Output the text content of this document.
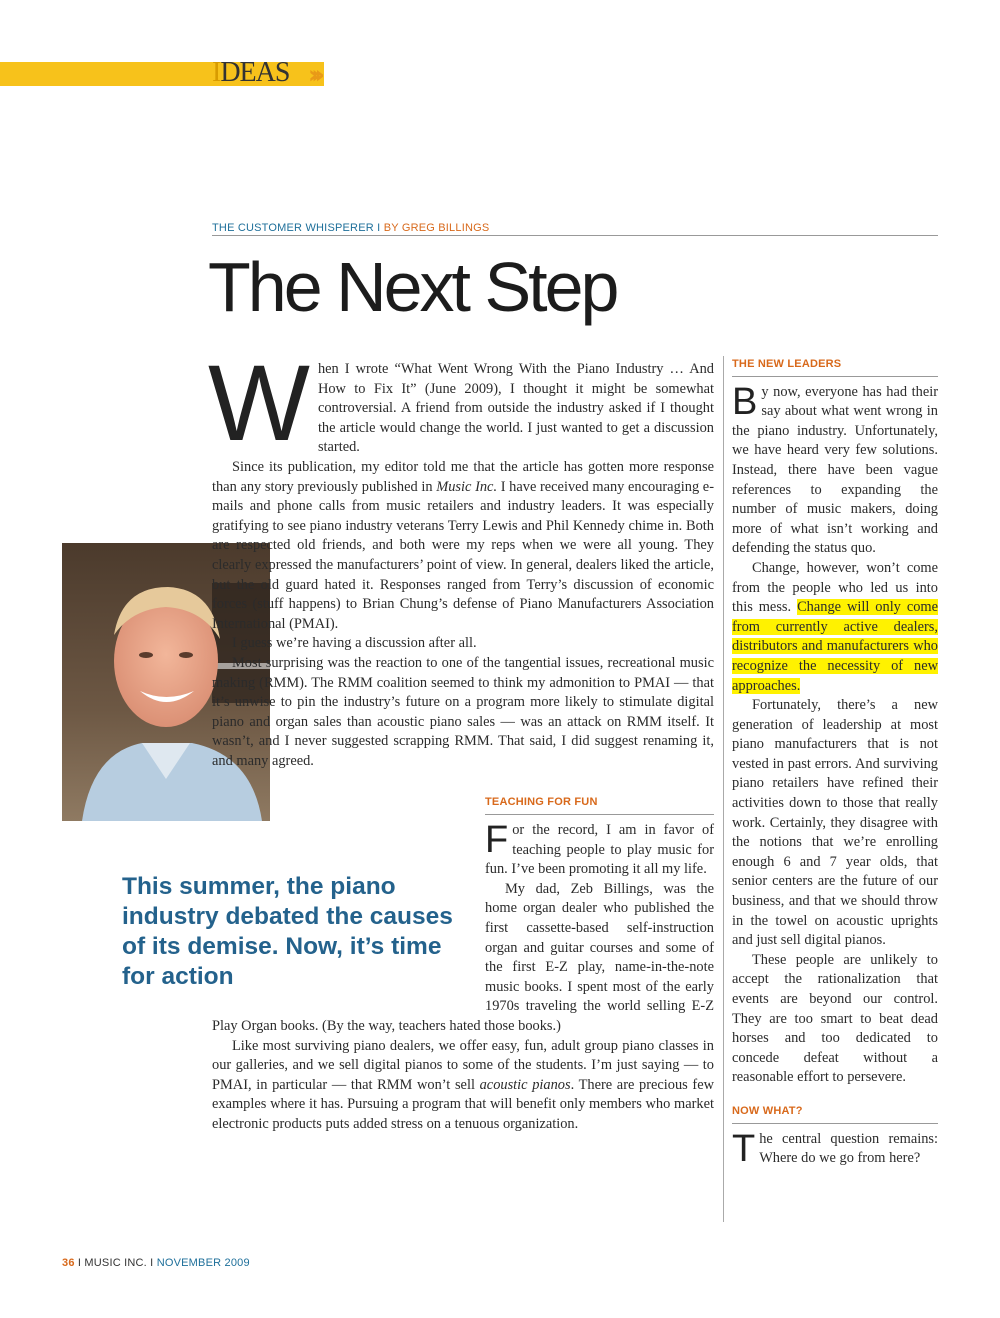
IDEAS ›››
THE CUSTOMER WHISPERER I BY GREG BILLINGS
The Next Step
This summer, the piano industry debated the causes of its demise. Now, it’s time for action

When I wrote “What Went Wrong With the Piano Industry … And How to Fix It” (June 2009), I thought it might be somewhat controversial. A friend from outside the industry asked if I thought the article would change the world. I just wanted to get a discussion started.

Since its publication, my editor told me that the article has gotten more response than any story previously published in Music Inc. I have received many encouraging e-mails and phone calls from music retailers and industry leaders. It was especially gratifying to see piano industry veterans Terry Lewis and Phil Kennedy chime in. Both are respected old friends, and both were my reps when we were all young. They clearly expressed the manufacturers’ point of view. In general, dealers liked the article, but the old guard hated it. Responses ranged from Terry’s discussion of economic forces (stuff happens) to Brian Chung’s defense of Piano Manufacturers Association International (PMAI).

I guess we’re having a discussion after all.

Most surprising was the reaction to one of the tangential issues, recreational music making (RMM). The RMM coalition seemed to think my admonition to PMAI — that it’s unwise to pin the industry’s future on a program more likely to stimulate digital piano and organ sales than acoustic piano sales — was an attack on RMM itself. It wasn’t, and I never suggested scrapping RMM. That said, I did suggest renaming it, and many agreed.

TEACHING FOR FUN

For the record, I am in favor of teaching people to play music for fun. I’ve been promoting it all my life.

My dad, Zeb Billings, was the home organ dealer who published the first cassette-based self-instruction organ and guitar courses and some of the first E-Z play, name-in-the-note music books. I spent most of the early 1970s traveling the world selling E-Z Play Organ books. (By the way, teachers hated those books.)

Like most surviving piano dealers, we offer easy, fun, adult group piano classes in our galleries, and we sell digital pianos to some of the students. I’m just saying — to PMAI, in particular — that RMM won’t sell acoustic pianos. There are precious few examples where it has. Pursuing a program that will benefit only members who market electronic products puts added stress on a tenuous organization.

THE NEW LEADERS

By now, everyone has had their say about what went wrong in the piano industry. Unfortunately, we have heard very few solutions. Instead, there have been vague references to expanding the number of music makers, doing more of what isn’t working and defending the status quo.

Change, however, won’t come from the people who led us into this mess. Change will only come from currently active dealers, distributors and manufacturers who recognize the necessity of new approaches.

Fortunately, there’s a new generation of leadership at most piano manufacturers that is not vested in past errors. And surviving piano retailers have refined their activities down to those that really work. Certainly, they disagree with the notions that we’re enrolling enough 6 and 7 year olds, that senior centers are the future of our business, and that we should throw in the towel on acoustic uprights and just sell digital pianos.

These people are unlikely to accept the rationalization that events are beyond our control. They are too smart to beat dead horses and too dedicated to concede defeat without a reasonable effort to persevere.

NOW WHAT?

The central question remains: Where do we go from here?

36 I MUSIC INC. I NOVEMBER 2009
